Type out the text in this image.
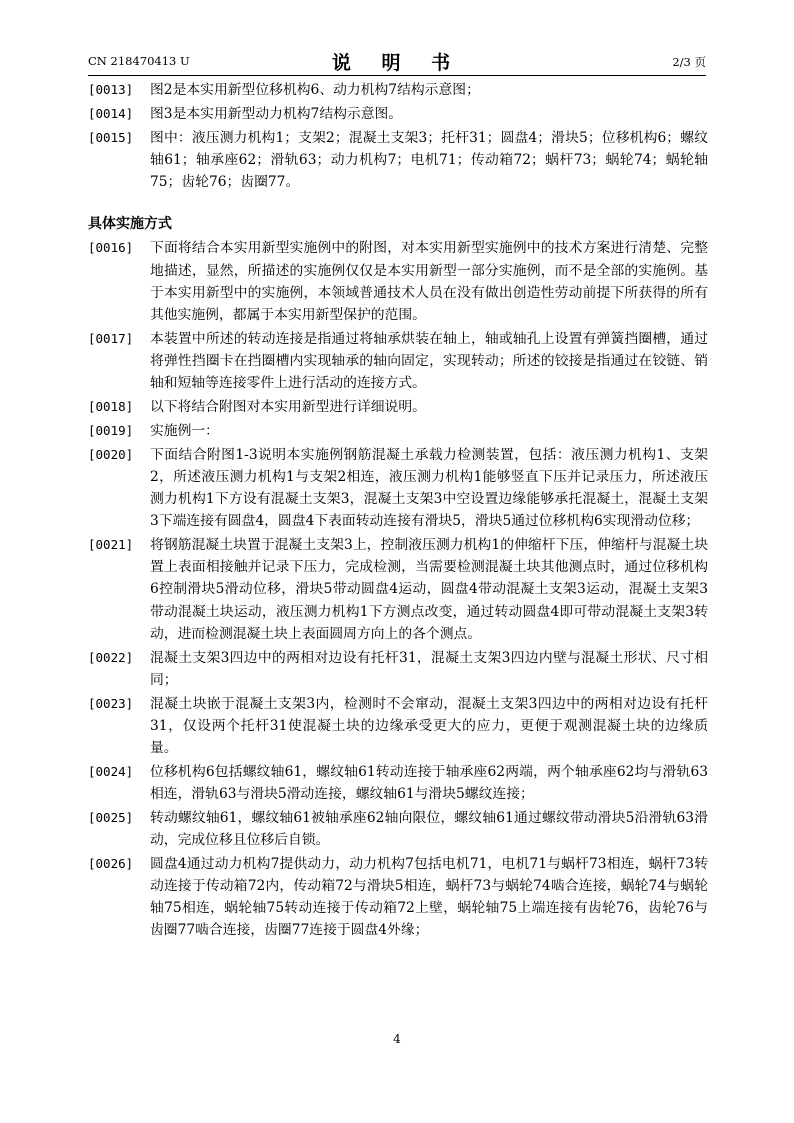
CN 218470413 U	说 明 书	2/3 页
[0013] 图2是本实用新型位移机构6、动力机构7结构示意图；
[0014] 图3是本实用新型动力机构7结构示意图。
[0015] 图中：液压测力机构1；支架2；混凝土支架3；托杆31；圆盘4；滑块5；位移机构6；螺纹轴61；轴承座62；滑轨63；动力机构7；电机71；传动箱72；蜗杆73；蜗轮74；蜗轮轴75；齿轮76；齿圈77。
具体实施方式
[0016] 下面将结合本实用新型实施例中的附图，对本实用新型实施例中的技术方案进行清楚、完整地描述，显然，所描述的实施例仅仅是本实用新型一部分实施例，而不是全部的实施例。基于本实用新型中的实施例，本领域普通技术人员在没有做出创造性劳动前提下所获得的所有其他实施例，都属于本实用新型保护的范围。
[0017] 本装置中所述的转动连接是指通过将轴承烘装在轴上，轴或轴孔上设置有弹簧挡圈槽，通过将弹性挡圈卡在挡圈槽内实现轴承的轴向固定，实现转动；所述的铰接是指通过在铰链、销轴和短轴等连接零件上进行活动的连接方式。
[0018] 以下将结合附图对本实用新型进行详细说明。
[0019] 实施例一：
[0020] 下面结合附图1-3说明本实施例钢筋混凝土承载力检测装置，包括：液压测力机构1、支架2，所述液压测力机构1与支架2相连，液压测力机构1能够竖直下压并记录压力，所述液压测力机构1下方设有混凝土支架3，混凝土支架3中空设置边缘能够承托混凝土，混凝土支架3下端连接有圆盘4，圆盘4下表面转动连接有滑块5，滑块5通过位移机构6实现滑动位移；
[0021] 将钢筋混凝土块置于混凝土支架3上，控制液压测力机构1的伸缩杆下压，伸缩杆与混凝土块置上表面相接触并记录下压力，完成检测，当需要检测混凝土块其他测点时，通过位移机构6控制滑块5滑动位移，滑块5带动圆盘4运动，圆盘4带动混凝土支架3运动，混凝土支架3带动混凝土块运动，液压测力机构1下方测点改变，通过转动圆盘4即可带动混凝土支架3转动，进而检测混凝土块上表面圆周方向上的各个测点。
[0022] 混凝土支架3四边中的两相对边设有托杆31，混凝土支架3四边内壁与混凝土形状、尺寸相同；
[0023] 混凝土块嵌于混凝土支架3内，检测时不会窜动，混凝土支架3四边中的两相对边设有托杆31，仅设两个托杆31使混凝土块的边缘承受更大的应力，更便于观测混凝土块的边缘质量。
[0024] 位移机构6包括螺纹轴61，螺纹轴61转动连接于轴承座62两端，两个轴承座62均与滑轨63相连，滑轨63与滑块5滑动连接，螺纹轴61与滑块5螺纹连接；
[0025] 转动螺纹轴61，螺纹轴61被轴承座62轴向限位，螺纹轴61通过螺纹带动滑块5沿滑轨63滑动，完成位移且位移后自锁。
[0026] 圆盘4通过动力机构7提供动力，动力机构7包括电机71，电机71与蜗杆73相连，蜗杆73转动连接于传动箱72内，传动箱72与滑块5相连，蜗杆73与蜗轮74啮合连接，蜗轮74与蜗轮轴75相连，蜗轮轴75转动连接于传动箱72上壁，蜗轮轴75上端连接有齿轮76，齿轮76与齿圈77啮合连接，齿圈77连接于圆盘4外缘；
4
